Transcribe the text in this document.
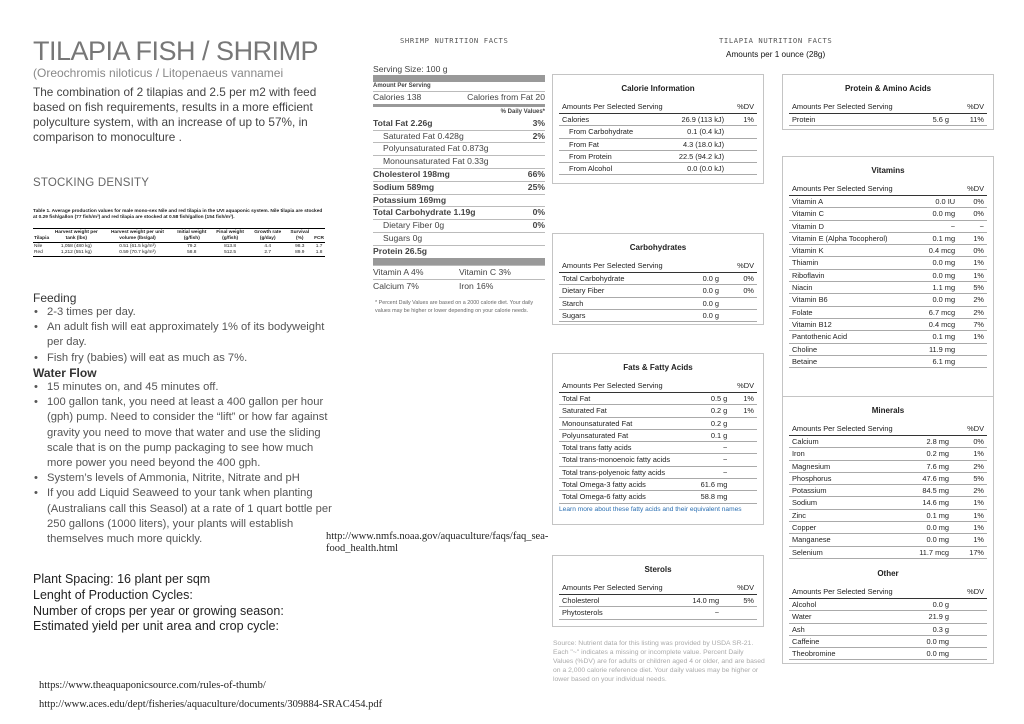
TILAPIA FISH / SHRIMP
(Oreochromis niloticus / Litopenaeus vannamei
The combination of 2 tilapias and 2.5 per m2 with feed based on fish requirements, results in a more efficient polyculture system, with an increase of up to 57%, in comparison to monoculture .
STOCKING DENSITY
Table 1. Average production values for male mono-sex Nile and red tilapia in the UVI aquaponic system. Nile tilapia are stocked at 0.29 fish/gallon (77 fish/m³) and red tilapia are stocked at 0.58 fish/gallon (154 fish/m³).
Tilapia	Harvest weight per tank (lbs)	Harvest weight per unit volume (lbs/gal)	Initial weight (g/fish)	Final weight (g/fish)	Growth rate (g/day)	Survival (%)	FCR
Nile	1,058 (480 kg)	0.51 (61.5 kg/m³)	79.2	813.8	4.4	98.3	1.7
Red	1,212 (551 kg)	0.59 (70.7 kg/m³)	58.8	512.5	2.7	89.9	1.8
Feeding
• 2-3 times per day.
• An adult fish will eat approximately 1% of its bodyweight per day.
• Fish fry (babies) will eat as much as 7%.
Water Flow
• 15 minutes on, and 45 minutes off.
• 100 gallon tank, you need at least a 400 gallon per hour (gph) pump. Need to consider the “lift” or how far against gravity you need to move that water and use the sliding scale that is on the pump packaging to see how much more power you need beyond the 400 gph.
• System’s levels of Ammonia, Nitrite, Nitrate and pH
• If you add Liquid Seaweed to your tank when planting (Australians call this Seasol) at a rate of 1 quart bottle per 250 gallons (1000 liters), your plants will establish themselves much more quickly.
Plant Spacing: 16 plant per sqm
Lenght of Production Cycles:
Number of crops per year or growing season:
Estimated yield per unit area and crop cycle:
http://www.nmfs.noaa.gov/aquaculture/faqs/faq_sea-
food_health.html
https://www.theaquaponicsource.com/rules-of-thumb/
http://www.aces.edu/dept/fisheries/aquaculture/documents/309884-SRAC454.pdf
SHRIMP NUTRITION FACTS
Serving Size: 100 g
Amount Per Serving
Calories 138	Calories from Fat 20
% Daily Values*
Total Fat 2.26g	3%
Saturated Fat 0.428g	2%
Polyunsaturated Fat 0.873g
Monounsaturated Fat 0.33g
Cholesterol 198mg	66%
Sodium 589mg	25%
Potassium 169mg
Total Carbohydrate 1.19g	0%
Dietary Fiber 0g	0%
Sugars 0g
Protein 26.5g
Vitamin A 4%	Vitamin C 3%
Calcium 7%	Iron 16%
* Percent Daily Values are based on a 2000 calorie diet. Your daily values may be higher or lower depending on your calorie needs.
TILAPIA NUTRITION FACTS
Amounts per 1 ounce (28g)
Calorie Information
Amounts Per Selected Serving		%DV
Calories	26.9 (113 kJ)	1%
From Carbohydrate	0.1 (0.4 kJ)	
From Fat	4.3 (18.0 kJ)	
From Protein	22.5 (94.2 kJ)	
From Alcohol	0.0 (0.0 kJ)	
Carbohydrates
Amounts Per Selected Serving		%DV
Total Carbohydrate	0.0 g	0%
Dietary Fiber	0.0 g	0%
Starch	0.0 g	
Sugars	0.0 g	
Fats & Fatty Acids
Amounts Per Selected Serving		%DV
Total Fat	0.5 g	1%
Saturated Fat	0.2 g	1%
Monounsaturated Fat	0.2 g	
Polyunsaturated Fat	0.1 g	
Total trans fatty acids	~	
Total trans-monoenoic fatty acids	~	
Total trans-polyenoic fatty acids	~	
Total Omega-3 fatty acids	61.6 mg	
Total Omega-6 fatty acids	58.8 mg	
Learn more about these fatty acids and their equivalent names
Sterols
Amounts Per Selected Serving		%DV
Cholesterol	14.0 mg	5%
Phytosterols	~	
Protein & Amino Acids
Amounts Per Selected Serving		%DV
Protein	5.6 g	11%
Vitamins
Amounts Per Selected Serving		%DV
Vitamin A	0.0 IU	0%
Vitamin C	0.0 mg	0%
Vitamin D	~	~
Vitamin E (Alpha Tocopherol)	0.1 mg	1%
Vitamin K	0.4 mcg	0%
Thiamin	0.0 mg	1%
Riboflavin	0.0 mg	1%
Niacin	1.1 mg	5%
Vitamin B6	0.0 mg	2%
Folate	6.7 mcg	2%
Vitamin B12	0.4 mcg	7%
Pantothenic Acid	0.1 mg	1%
Choline	11.9 mg	
Betaine	6.1 mg	
Minerals
Amounts Per Selected Serving		%DV
Calcium	2.8 mg	0%
Iron	0.2 mg	1%
Magnesium	7.6 mg	2%
Phosphorus	47.6 mg	5%
Potassium	84.5 mg	2%
Sodium	14.6 mg	1%
Zinc	0.1 mg	1%
Copper	0.0 mg	1%
Manganese	0.0 mg	1%
Selenium	11.7 mcg	17%

Other
Amounts Per Selected Serving		%DV
Alcohol	0.0 g	
Water	21.9 g	
Ash	0.3 g	
Caffeine	0.0 mg	
Theobromine	0.0 mg	
Source: Nutrient data for this listing was provided by USDA SR-21. Each "~" indicates a missing or incomplete value. Percent Daily Values (%DV) are for adults or children aged 4 or older, and are based on a 2,000 calorie reference diet. Your daily values may be higher or lower based on your individual needs.
